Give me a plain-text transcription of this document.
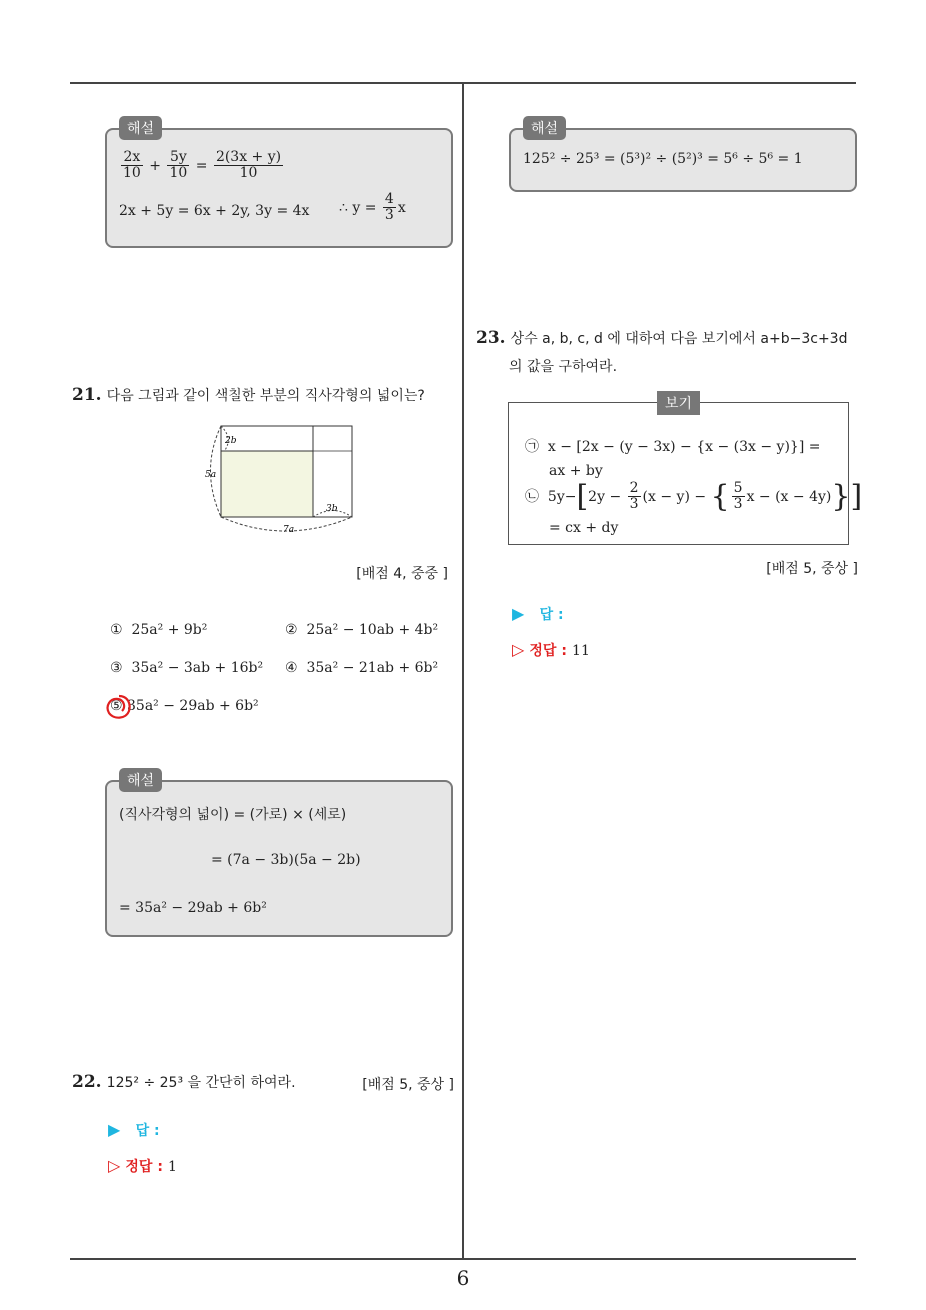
6
$\frac{2x}{10} + \frac{5y}{10} = \frac{2(3x + y)}{10}$
2x + 5y = 6x + 2y, 3y = 4x ∴ $y = \frac{4}{3}$ x
해설
21. 다음 그림과 같이 색칠한 부분의 직사각형의 넓이는?
2b
5a
3b
7a
[배점 4, 중중 ]
① 25a² + 9b²	② 25a² − 10ab + 4b²
③ 35a² − 3ab + 16b² ④ 35a² − 21ab + 6b²
⑤ 35a² − 29ab + 6b²
(직사각형의 넓이) = (가로) × (세로)
= (7a − 3b)(5a − 2b)
= 35a² − 29ab + 6b²
해설
22. 125² ÷ 25³ 을 간단히 하여라.	[배점 5, 중상 ]
▶ 답 :
▷ 정답 : 1
125² ÷ 25³ = (5³)² ÷ (5²)³ = 5⁶ ÷ 5⁶ = 1
해설
23. 상수 a, b, c, d 에 대하여 다음 보기에서 a+b−3c+3d
의 값을 구하여라.
㉠ x − [2x − (y − 3x) − {x − (3x − y)}] =
ax + by
㉡ $5y-[2y - \frac{2}{3} (x - y)$ − { $\frac{5}{3}$ x − (x − 4y)}]
= cx + dy
보기
[배점 5, 중상 ]
▶ 답 :
▷ 정답 : 11
